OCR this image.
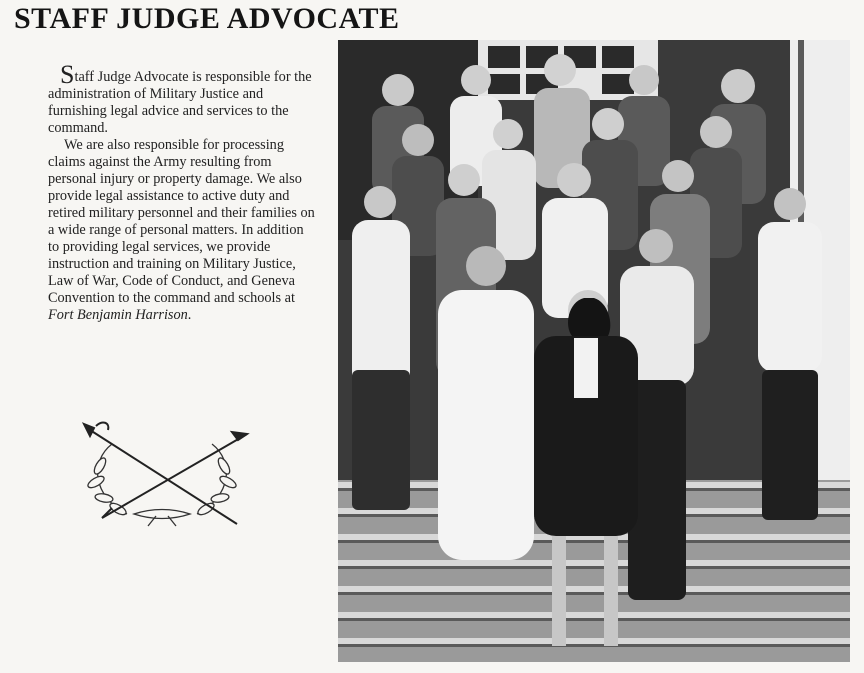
STAFF JUDGE ADVOCATE

Staff Judge Advocate is responsible for the administration of Military Justice and furnishing legal advice and services to the command.

We are also responsible for processing claims against the Army resulting from personal injury or property damage. We also provide legal assistance to active duty and retired military personnel and their families on a wide range of personal matters. In addition to providing legal services, we provide instruction and training on Military Justice, Law of War, Code of Conduct, and Geneva Convention to the command and schools at Fort Benjamin Harrison.
